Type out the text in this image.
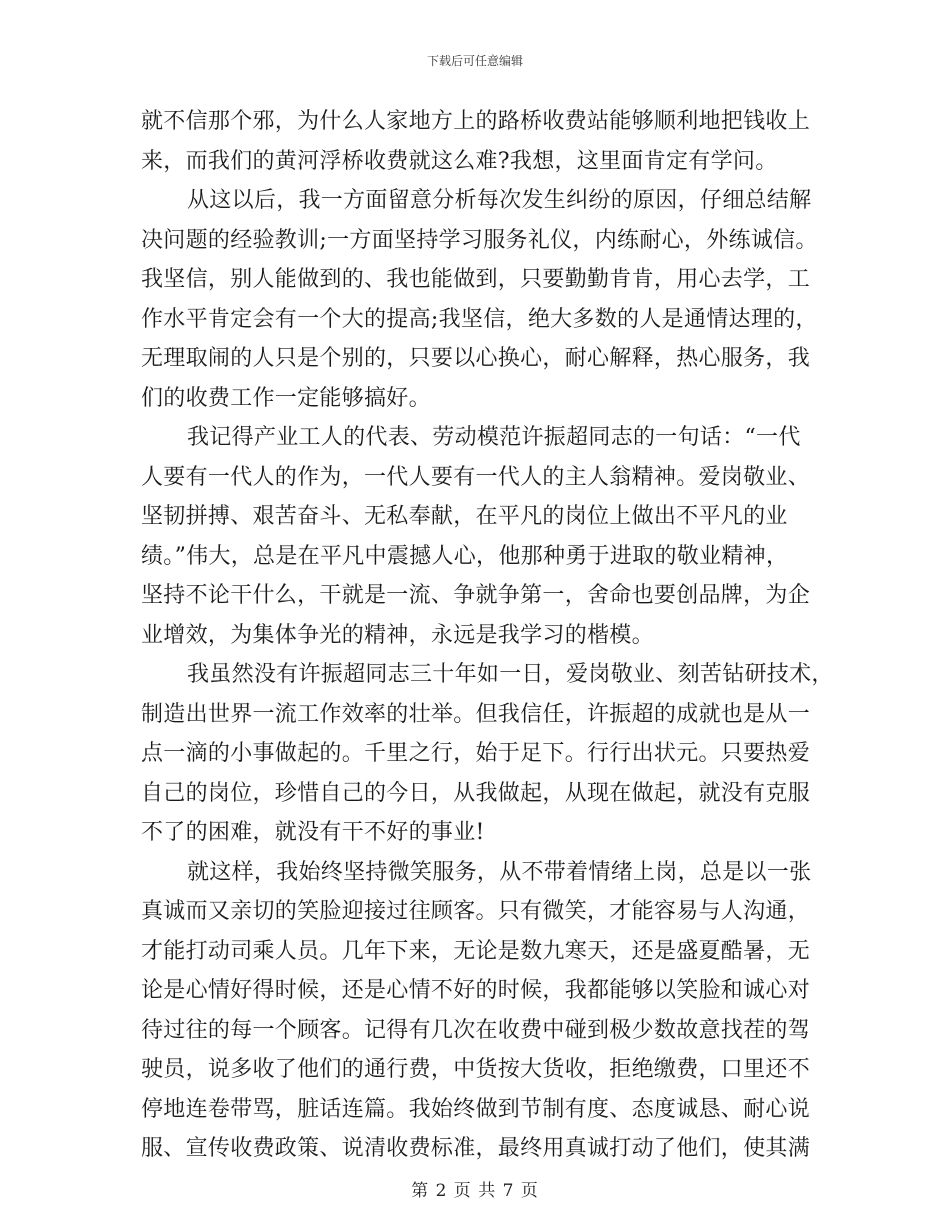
下载后可任意编辑
就不信那个邪，为什么人家地方上的路桥收费站能够顺利地把钱收上
来，而我们的黄河浮桥收费就这么难?我想，这里面肯定有学问。
从这以后，我一方面留意分析每次发生纠纷的原因，仔细总结解
决问题的经验教训;一方面坚持学习服务礼仪，内练耐心，外练诚信。
我坚信，别人能做到的、我也能做到，只要勤勤肯肯，用心去学，工
作水平肯定会有一个大的提高;我坚信，绝大多数的人是通情达理的，
无理取闹的人只是个别的，只要以心换心，耐心解释，热心服务，我
们的收费工作一定能够搞好。
我记得产业工人的代表、劳动模范许振超同志的一句话：“一代
人要有一代人的作为，一代人要有一代人的主人翁精神。爱岗敬业、
坚韧拼搏、艰苦奋斗、无私奉献，在平凡的岗位上做出不平凡的业
绩。”伟大，总是在平凡中震撼人心，他那种勇于进取的敬业精神，
坚持不论干什么，干就是一流、争就争第一，舍命也要创品牌，为企
业增效，为集体争光的精神，永远是我学习的楷模。
我虽然没有许振超同志三十年如一日，爱岗敬业、刻苦钻研技术，
制造出世界一流工作效率的壮举。但我信任，许振超的成就也是从一
点一滴的小事做起的。千里之行，始于足下。行行出状元。只要热爱
自己的岗位，珍惜自己的今日，从我做起，从现在做起，就没有克服
不了的困难，就没有干不好的事业!
就这样，我始终坚持微笑服务，从不带着情绪上岗，总是以一张
真诚而又亲切的笑脸迎接过往顾客。只有微笑，才能容易与人沟通，
才能打动司乘人员。几年下来，无论是数九寒天，还是盛夏酷暑，无
论是心情好得时候，还是心情不好的时候，我都能够以笑脸和诚心对
待过往的每一个顾客。记得有几次在收费中碰到极少数故意找茬的驾
驶员，说多收了他们的通行费，中货按大货收，拒绝缴费，口里还不
停地连卷带骂，脏话连篇。我始终做到节制有度、态度诚恳、耐心说
服、宣传收费政策、说清收费标准，最终用真诚打动了他们，使其满
第 2 页 共 7 页
